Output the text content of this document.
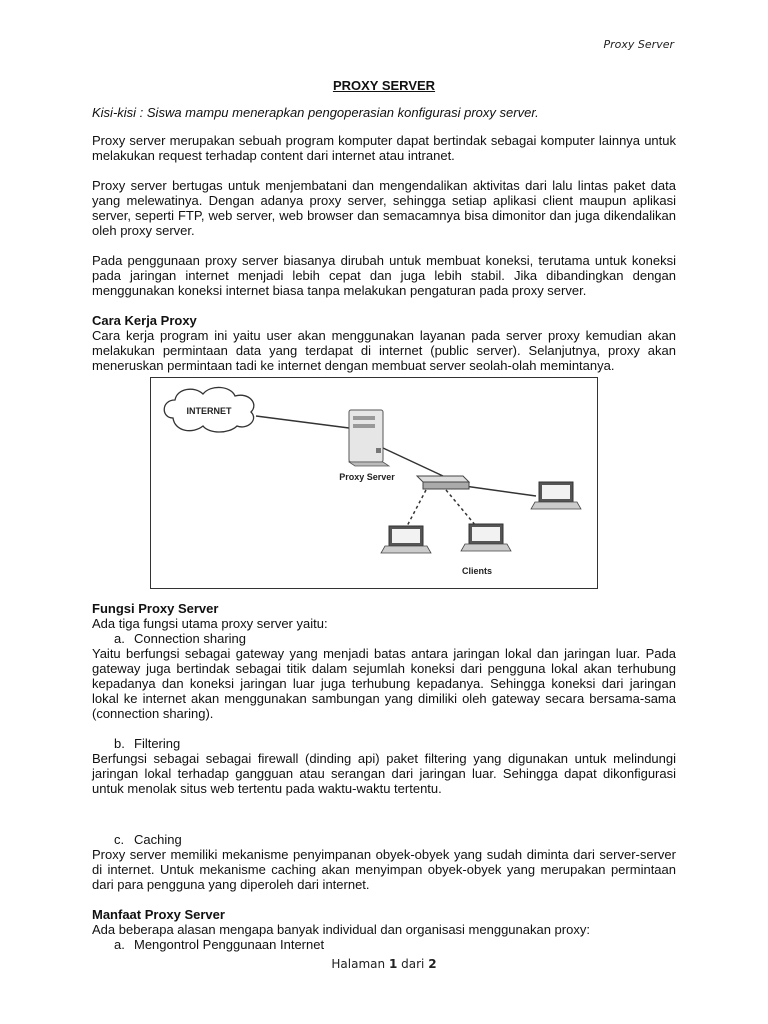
Proxy Server
PROXY SERVER

Kisi-kisi : Siswa mampu menerapkan pengoperasian konfigurasi proxy server.

Proxy server merupakan sebuah program komputer dapat bertindak sebagai komputer lainnya untuk melakukan request terhadap content dari internet atau intranet.

Proxy server bertugas untuk menjembatani dan mengendalikan aktivitas dari lalu lintas paket data yang melewatinya. Dengan adanya proxy server, sehingga setiap aplikasi client maupun aplikasi server, seperti FTP, web server, web browser dan semacamnya bisa dimonitor dan juga dikendalikan oleh proxy server.

Pada penggunaan proxy server biasanya dirubah untuk membuat koneksi, terutama untuk koneksi pada jaringan internet menjadi lebih cepat dan juga lebih stabil. Jika dibandingkan dengan menggunakan koneksi internet biasa tanpa melakukan pengaturan pada proxy server.

Cara Kerja Proxy

Cara kerja program ini yaitu user akan menggunakan layanan pada server proxy kemudian akan melakukan permintaan data yang terdapat di internet (public server). Selanjutnya, proxy akan meneruskan permintaan tadi ke internet dengan membuat server seolah-olah memintanya.

INTERNET
Proxy Server
Clients

Fungsi Proxy Server

Ada tiga fungsi utama proxy server yaitu:

a. Connection sharing

Yaitu berfungsi sebagai gateway yang menjadi batas antara jaringan lokal dan jaringan luar. Pada gateway juga bertindak sebagai titik dalam sejumlah koneksi dari pengguna lokal akan terhubung kepadanya dan koneksi jaringan luar juga terhubung kepadanya. Sehingga koneksi dari jaringan lokal ke internet akan menggunakan sambungan yang dimiliki oleh gateway secara bersama-sama (connection sharing).

b. Filtering

Berfungsi sebagai sebagai firewall (dinding api) paket filtering yang digunakan untuk melindungi jaringan lokal terhadap gangguan atau serangan dari jaringan luar. Sehingga dapat dikonfigurasi untuk menolak situs web tertentu pada waktu-waktu tertentu.

c. Caching

Proxy server memiliki mekanisme penyimpanan obyek-obyek yang sudah diminta dari server-server di internet. Untuk mekanisme caching akan menyimpan obyek-obyek yang merupakan permintaan dari para pengguna yang diperoleh dari internet.

Manfaat Proxy Server

Ada beberapa alasan mengapa banyak individual dan organisasi menggunakan proxy:

a. Mengontrol Penggunaan Internet

Halaman 1 dari 2
